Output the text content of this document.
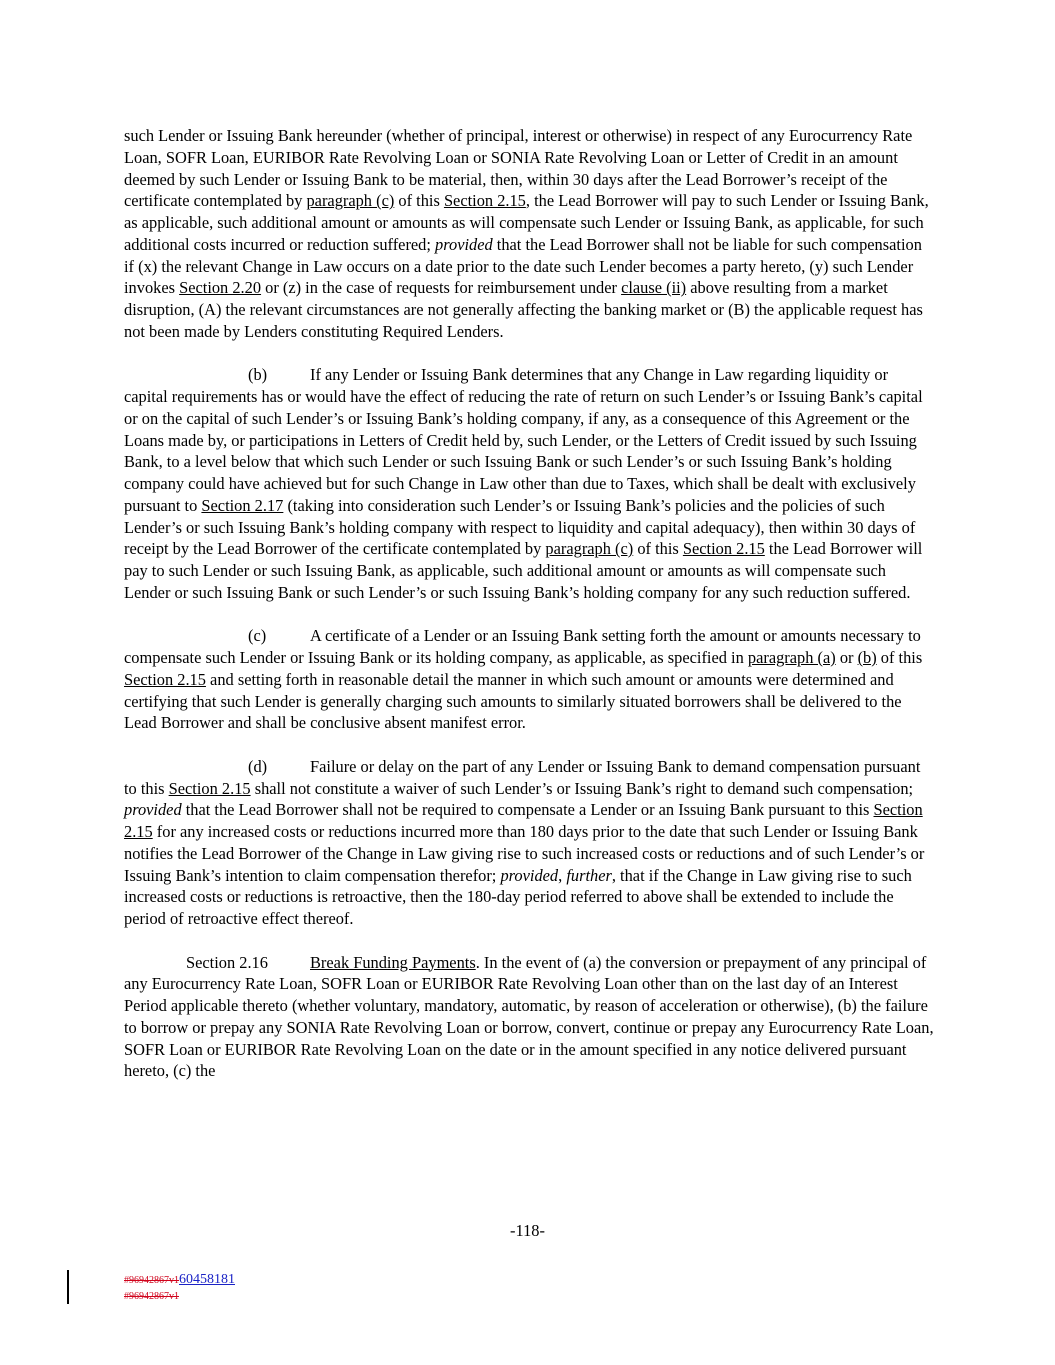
such Lender or Issuing Bank hereunder (whether of principal, interest or otherwise) in respect of any Eurocurrency Rate Loan, SOFR Loan, EURIBOR Rate Revolving Loan or SONIA Rate Revolving Loan or Letter of Credit in an amount deemed by such Lender or Issuing Bank to be material, then, within 30 days after the Lead Borrower’s receipt of the certificate contemplated by paragraph (c) of this Section 2.15, the Lead Borrower will pay to such Lender or Issuing Bank, as applicable, such additional amount or amounts as will compensate such Lender or Issuing Bank, as applicable, for such additional costs incurred or reduction suffered; provided that the Lead Borrower shall not be liable for such compensation if (x) the relevant Change in Law occurs on a date prior to the date such Lender becomes a party hereto, (y) such Lender invokes Section 2.20 or (z) in the case of requests for reimbursement under clause (ii) above resulting from a market disruption, (A) the relevant circumstances are not generally affecting the banking market or (B) the applicable request has not been made by Lenders constituting Required Lenders.

(b)	If any Lender or Issuing Bank determines that any Change in Law regarding liquidity or capital requirements has or would have the effect of reducing the rate of return on such Lender’s or Issuing Bank’s capital or on the capital of such Lender’s or Issuing Bank’s holding company, if any, as a consequence of this Agreement or the Loans made by, or participations in Letters of Credit held by, such Lender, or the Letters of Credit issued by such Issuing Bank, to a level below that which such Lender or such Issuing Bank or such Lender’s or such Issuing Bank’s holding company could have achieved but for such Change in Law other than due to Taxes, which shall be dealt with exclusively pursuant to Section 2.17 (taking into consideration such Lender’s or Issuing Bank’s policies and the policies of such Lender’s or such Issuing Bank’s holding company with respect to liquidity and capital adequacy), then within 30 days of receipt by the Lead Borrower of the certificate contemplated by paragraph (c) of this Section 2.15 the Lead Borrower will pay to such Lender or such Issuing Bank, as applicable, such additional amount or amounts as will compensate such Lender or such Issuing Bank or such Lender’s or such Issuing Bank’s holding company for any such reduction suffered.

(c)	A certificate of a Lender or an Issuing Bank setting forth the amount or amounts necessary to compensate such Lender or Issuing Bank or its holding company, as applicable, as specified in paragraph (a) or (b) of this Section 2.15 and setting forth in reasonable detail the manner in which such amount or amounts were determined and certifying that such Lender is generally charging such amounts to similarly situated borrowers shall be delivered to the Lead Borrower and shall be conclusive absent manifest error.

(d)	Failure or delay on the part of any Lender or Issuing Bank to demand compensation pursuant to this Section 2.15 shall not constitute a waiver of such Lender’s or Issuing Bank’s right to demand such compensation; provided that the Lead Borrower shall not be required to compensate a Lender or an Issuing Bank pursuant to this Section 2.15 for any increased costs or reductions incurred more than 180 days prior to the date that such Lender or Issuing Bank notifies the Lead Borrower of the Change in Law giving rise to such increased costs or reductions and of such Lender’s or Issuing Bank’s intention to claim compensation therefor; provided, further, that if the Change in Law giving rise to such increased costs or reductions is retroactive, then the 180-day period referred to above shall be extended to include the period of retroactive effect thereof.

Section 2.16	Break Funding Payments. In the event of (a) the conversion or prepayment of any principal of any Eurocurrency Rate Loan, SOFR Loan or EURIBOR Rate Revolving Loan other than on the last day of an Interest Period applicable thereto (whether voluntary, mandatory, automatic, by reason of acceleration or otherwise), (b) the failure to borrow or prepay any SONIA Rate Revolving Loan or borrow, convert, continue or prepay any Eurocurrency Rate Loan, SOFR Loan or EURIBOR Rate Revolving Loan on the date or in the amount specified in any notice delivered pursuant hereto, (c) the

-118-
#96942867v160458181
#96942867v1
